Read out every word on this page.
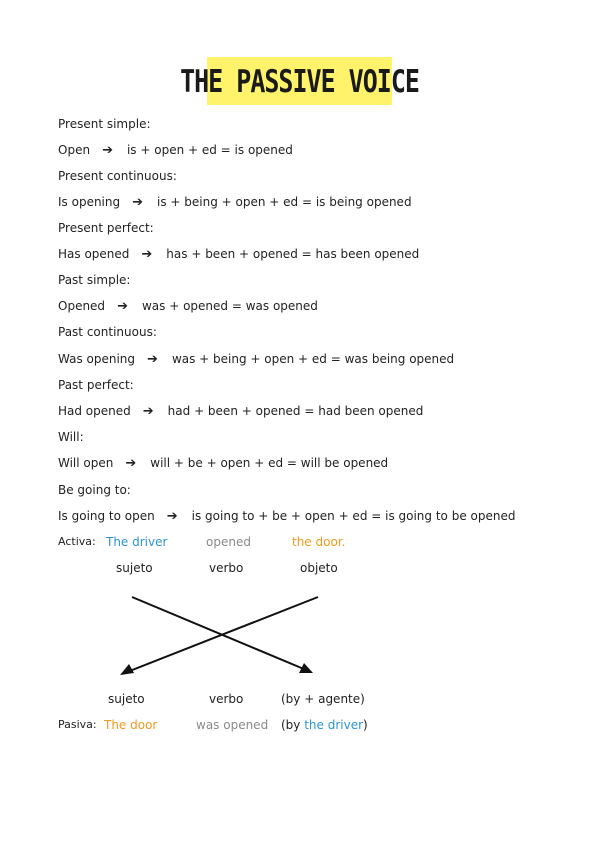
THE PASSIVE VOICE
Present simple:
Open ➔ is + open + ed = is opened
Present continuous:
Is opening ➔ is + being + open + ed = is being opened
Present perfect:
Has opened ➔ has + been + opened = has been opened
Past simple:
Opened ➔ was + opened = was opened
Past continuous:
Was opening ➔ was + being + open + ed = was being opened
Past perfect:
Had opened ➔ had + been + opened = had been opened
Will:
Will open ➔ will + be + open + ed = will be opened
Be going to:
Is going to open ➔ is going to + be + open + ed = is going to be opened
Activa: The driver	opened	the door.
sujeto	verbo	objeto
sujeto	verbo	(by + agente)
Pasiva: The door	was opened (by the driver)
